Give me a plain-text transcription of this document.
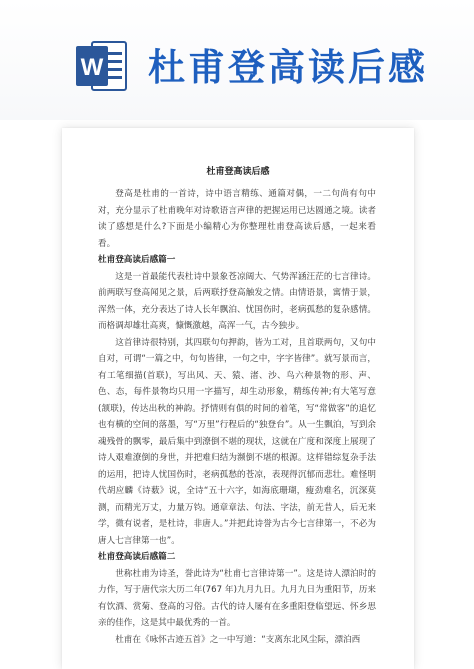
W 杜甫登高读后感
杜甫登高读后感

登高是杜甫的一首诗，诗中语言精练、通篇对偶，一二句尚有句中对，充分显示了杜甫晚年对诗歌语言声律的把握运用已达圆通之境。读者读了感想是什么?下面是小编精心为你整理杜甫登高读后感，一起来看看。

杜甫登高读后感篇一

这是一首最能代表杜诗中景象苍凉阔大、气势浑涵汪茫的七言律诗。前两联写登高闻见之景，后两联抒登高触发之情。由情语景，寓情于景，浑然一体，充分表达了诗人长年飘泊、忧国伤时，老病孤愁的复杂感情。而格调却雄壮高爽，慷慨激越，高浑一气，古今独步。

这首律诗很特别，其四联句句押韵，皆为工对，且首联两句，又句中自对，可谓“一篇之中，句句皆律，一句之中，字字皆律”。就写景而言，有工笔细描(首联)，写出风、天、猿、渚、沙、鸟六种景物的形、声、色、态，每件景物均只用一字描写，却生动形象，精练传神;有大笔写意(颔联)，传达出秋的神韵。抒情则有俱的时间的着笔，写“常做客”的追忆也有横的空间的落墨，写“万里”行程后的“独登台”。从一生飘泊，写到余魂残骨的飘零，最后集中到潦倒不堪的现状，这就在广度和深度上展现了诗人艰难潦倒的身世，并把难归结为濒倒不堪的根源。这样错综复杂手法的运用，把诗人忧国伤时，老病孤愁的苍凉，表现得沉郁而悲壮。难怪明代胡应麟《诗薮》说，全诗“五十六字，如海底珊瑚，瘦劲难名，沉深莫测，而精光万丈，力量万钧。通章章法、句法、字法，前无昔人，后无来学，微有说者，是杜诗，非唐人。”并把此诗誉为古今七言律第一，不必为唐人七言律第一也”。

杜甫登高读后感篇二

世称杜甫为诗圣，誉此诗为“杜甫七言律诗第一”。这是诗人漂泊时的力作，写于唐代宗大历二年(767 年)九月九日。九月九日为重阳节，历来有饮酒、赏菊、登高的习俗。古代的诗人屡有在多重阳登临望远、怀乡思亲的佳作，这是其中最优秀的一首。

杜甫在《咏怀古迹五首》之一中写道：“支离东北风尘际，漂泊西
